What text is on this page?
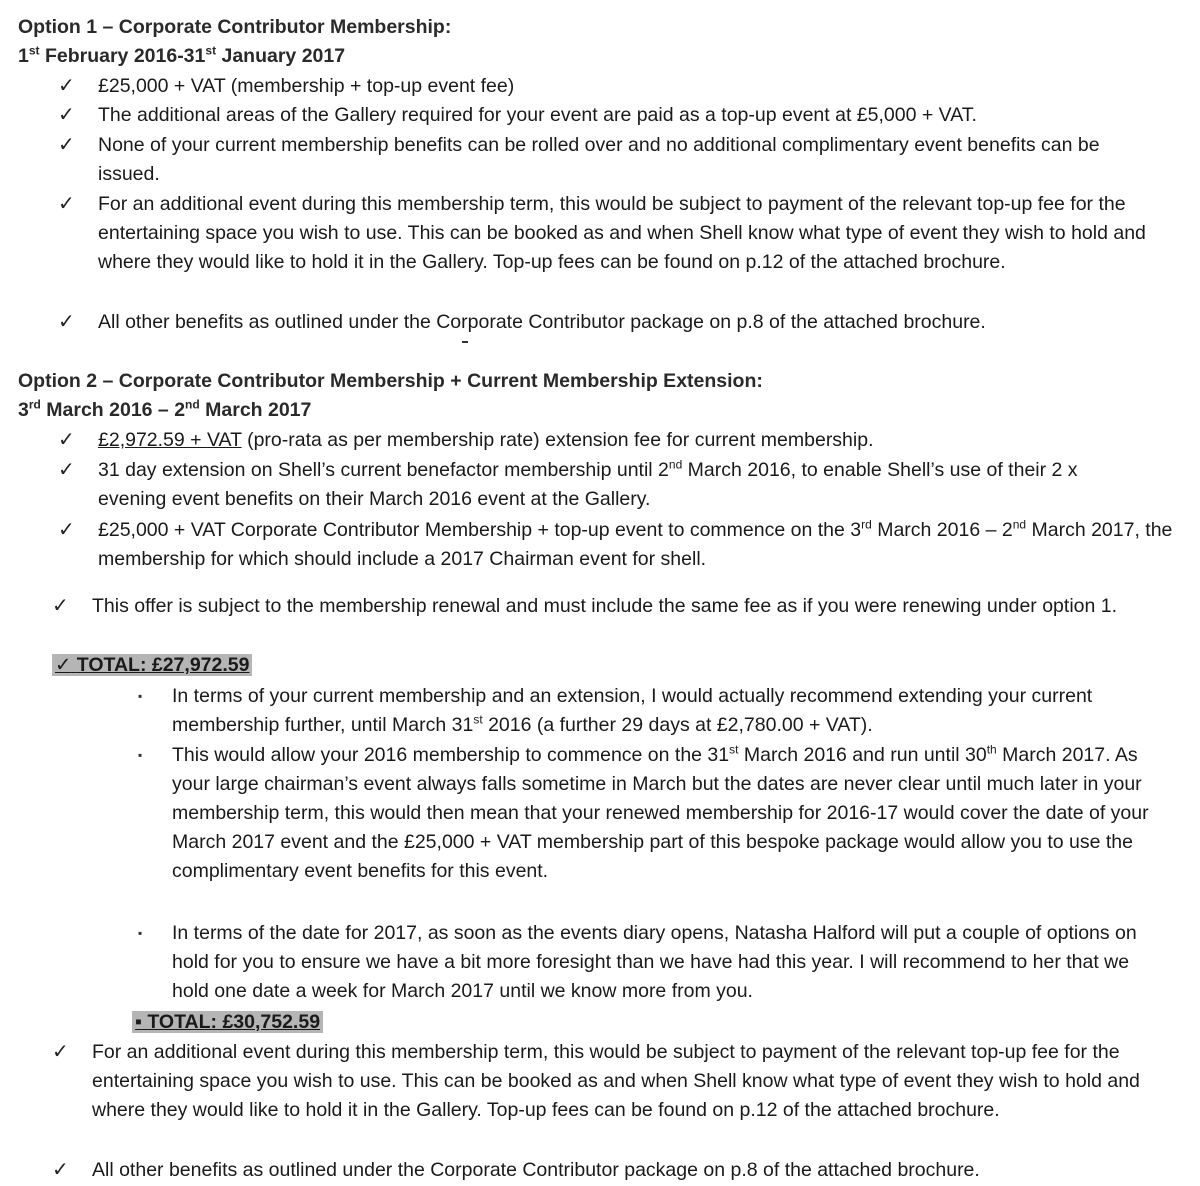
Option 1 – Corporate Contributor Membership:
1st February 2016-31st January 2017
✓ £25,000 + VAT (membership + top-up event fee)
✓ The additional areas of the Gallery required for your event are paid as a top-up event at £5,000 + VAT.
✓ None of your current membership benefits can be rolled over and no additional complimentary event benefits can be issued.
✓ For an additional event during this membership term, this would be subject to payment of the relevant top-up fee for the entertaining space you wish to use. This can be booked as and when Shell know what type of event they wish to hold and where they would like to hold it in the Gallery. Top-up fees can be found on p.12 of the attached brochure.
✓ All other benefits as outlined under the Corporate Contributor package on p.8 of the attached brochure.
Option 2 – Corporate Contributor Membership + Current Membership Extension:
3rd March 2016 – 2nd March 2017
✓ £2,972.59 + VAT (pro-rata as per membership rate) extension fee for current membership.
✓ 31 day extension on Shell’s current benefactor membership until 2nd March 2016, to enable Shell’s use of their 2 x evening event benefits on their March 2016 event at the Gallery.
✓ £25,000 + VAT Corporate Contributor Membership + top-up event to commence on the 3rd March 2016 – 2nd March 2017, the membership for which should include a 2017 Chairman event for shell.
✓ This offer is subject to the membership renewal and must include the same fee as if you were renewing under option 1.
✓ TOTAL: £27,972.59
▪ In terms of your current membership and an extension, I would actually recommend extending your current membership further, until March 31st 2016 (a further 29 days at £2,780.00 + VAT).
▪ This would allow your 2016 membership to commence on the 31st March 2016 and run until 30th March 2017. As your large chairman’s event always falls sometime in March but the dates are never clear until much later in your membership term, this would then mean that your renewed membership for 2016-17 would cover the date of your March 2017 event and the £25,000 + VAT membership part of this bespoke package would allow you to use the complimentary event benefits for this event.
▪ In terms of the date for 2017, as soon as the events diary opens, Natasha Halford will put a couple of options on hold for you to ensure we have a bit more foresight than we have had this year. I will recommend to her that we hold one date a week for March 2017 until we know more from you.
▪ TOTAL: £30,752.59
✓ For an additional event during this membership term, this would be subject to payment of the relevant top-up fee for the entertaining space you wish to use. This can be booked as and when Shell know what type of event they wish to hold and where they would like to hold it in the Gallery. Top-up fees can be found on p.12 of the attached brochure.
✓ All other benefits as outlined under the Corporate Contributor package on p.8 of the attached brochure.
